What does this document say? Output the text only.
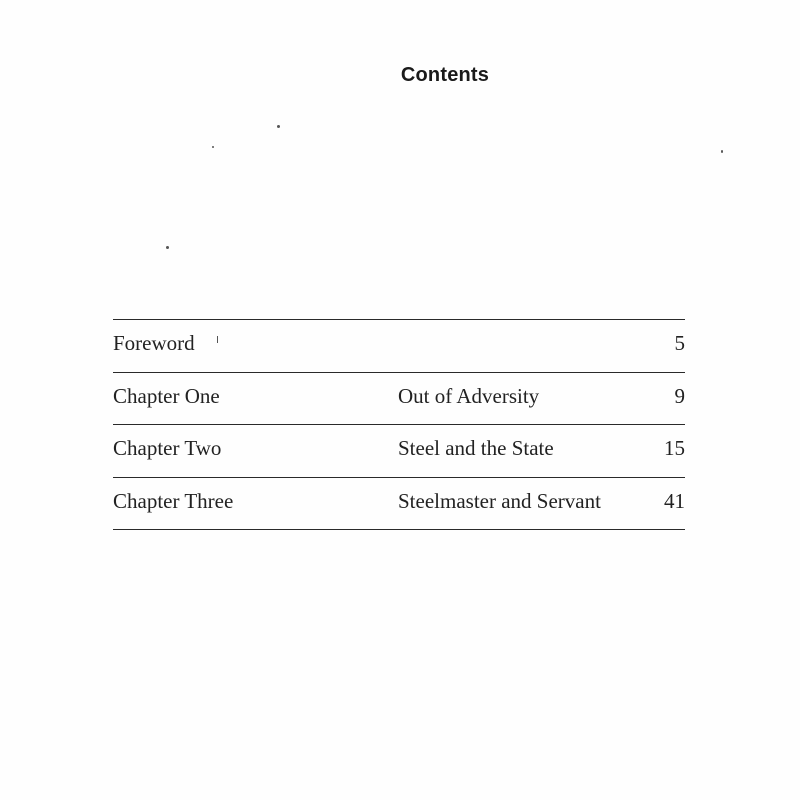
Contents
Foreword	5
Chapter One	Out of Adversity	9
Chapter Two	Steel and the State	15
Chapter Three	Steelmaster and Servant	41
